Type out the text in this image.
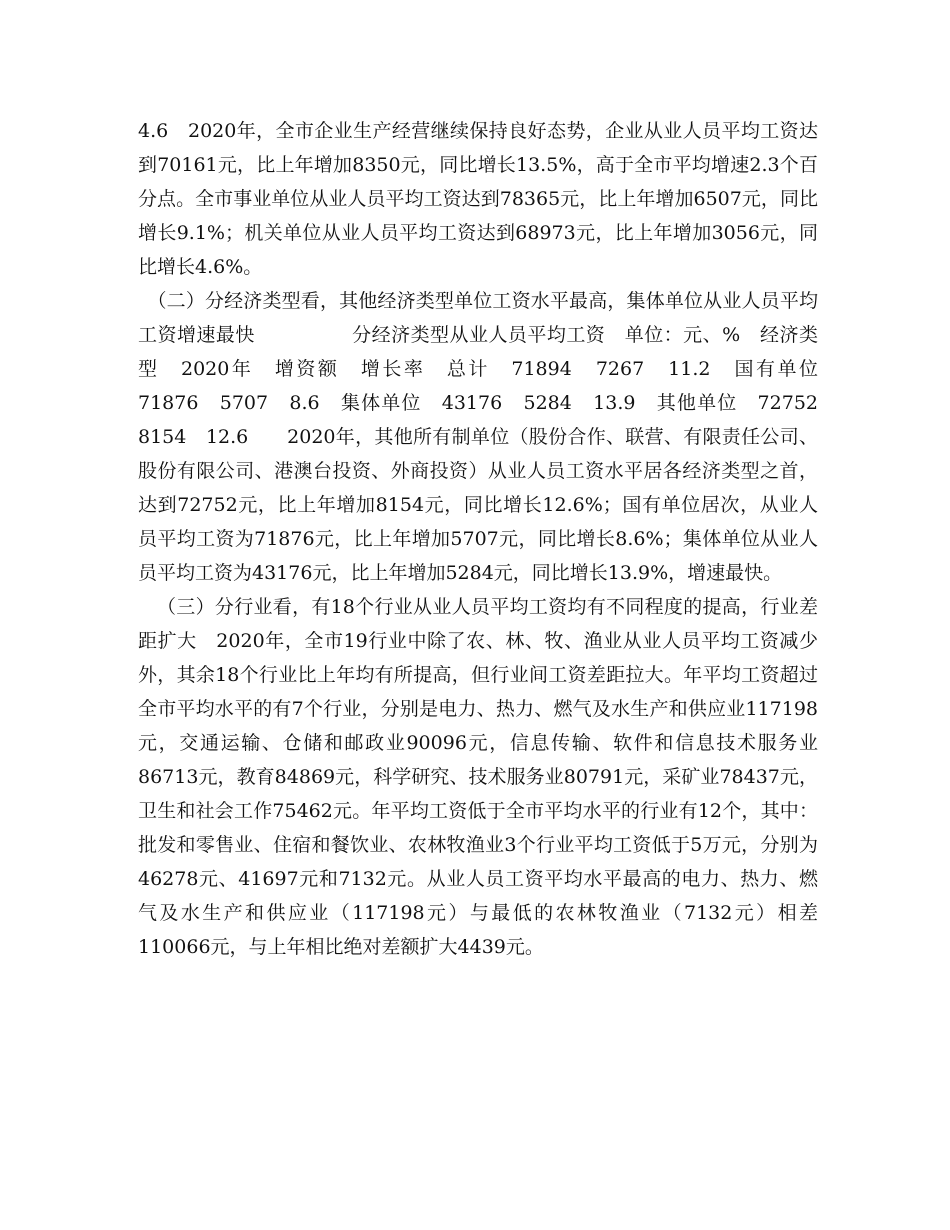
4.6　2020年，全市企业生产经营继续保持良好态势，企业从业人员平均工资达到70161元，比上年增加8350元，同比增长13.5%，高于全市平均增速2.3个百分点。全市事业单位从业人员平均工资达到78365元，比上年增加6507元，同比增长9.1%；机关单位从业人员平均工资达到68973元，比上年增加3056元，同比增长4.6%。

（二）分经济类型看，其他经济类型单位工资水平最高，集体单位从业人员平均工资增速最快　　　　　分经济类型从业人员平均工资　单位：元、%　经济类型　2020年　增资额　增长率　总计　71894　7267　11.2　国有单位　71876　5707　8.6　集体单位　43176　5284　13.9　其他单位　72752　8154　12.6　　2020年，其他所有制单位（股份合作、联营、有限责任公司、股份有限公司、港澳台投资、外商投资）从业人员工资水平居各经济类型之首，达到72752元，比上年增加8154元，同比增长12.6%；国有单位居次，从业人员平均工资为71876元，比上年增加5707元，同比增长8.6%；集体单位从业人员平均工资为43176元，比上年增加5284元，同比增长13.9%，增速最快。

（三）分行业看，有18个行业从业人员平均工资均有不同程度的提高，行业差距扩大　2020年，全市19行业中除了农、林、牧、渔业从业人员平均工资减少外，其余18个行业比上年均有所提高，但行业间工资差距拉大。年平均工资超过全市平均水平的有7个行业，分别是电力、热力、燃气及水生产和供应业117198元，交通运输、仓储和邮政业90096元，信息传输、软件和信息技术服务业86713元，教育84869元，科学研究、技术服务业80791元，采矿业78437元，卫生和社会工作75462元。年平均工资低于全市平均水平的行业有12个，其中：批发和零售业、住宿和餐饮业、农林牧渔业3个行业平均工资低于5万元，分别为46278元、41697元和7132元。从业人员工资平均水平最高的电力、热力、燃气及水生产和供应业（117198元）与最低的农林牧渔业（7132元）相差110066元，与上年相比绝对差额扩大4439元。
